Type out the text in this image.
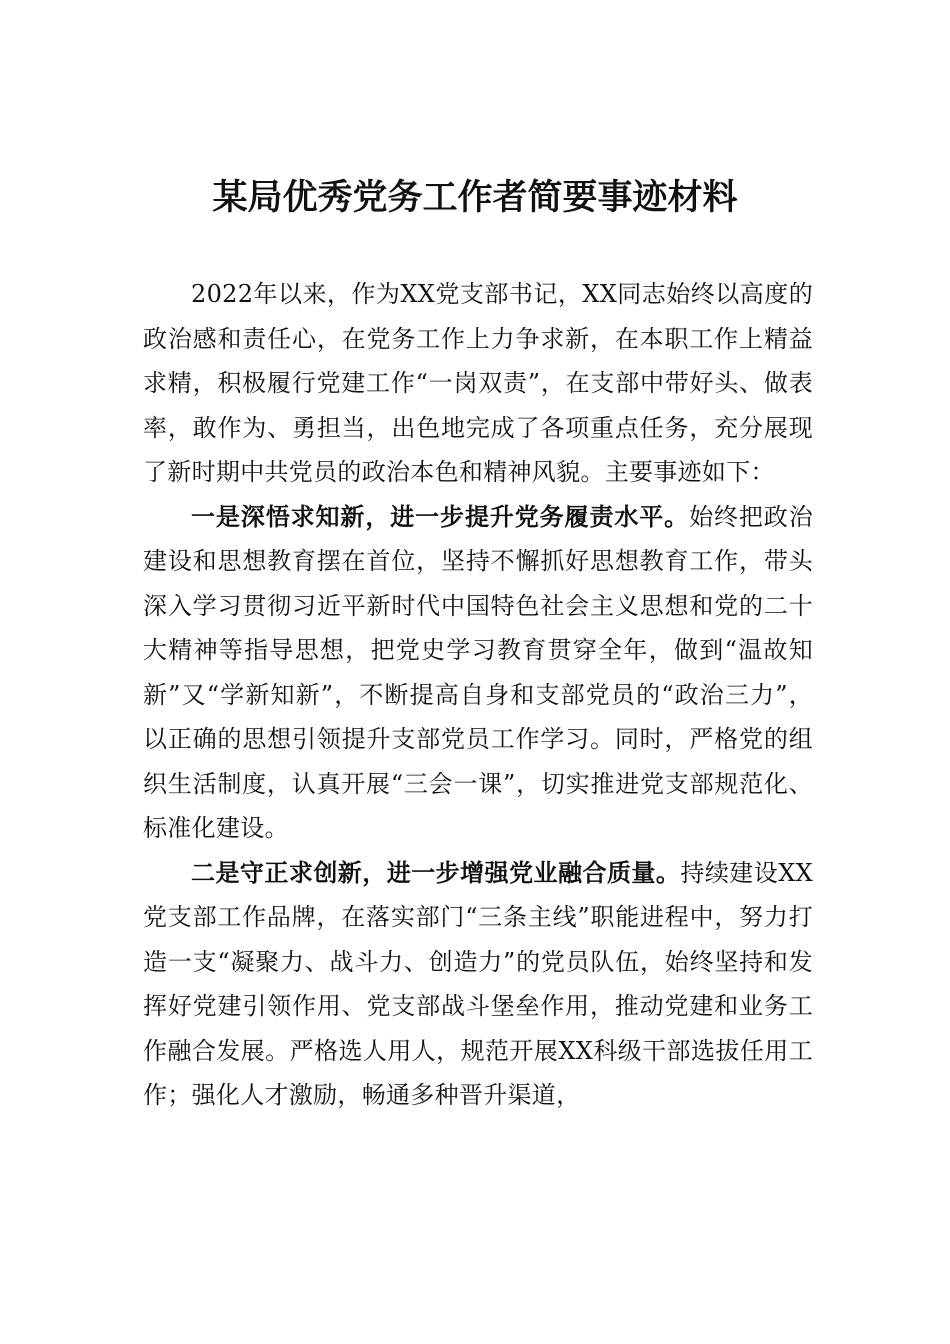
某局优秀党务工作者简要事迹材料

2022年以来，作为XX党支部书记，XX同志始终以高度的政治感和责任心，在党务工作上力争求新，在本职工作上精益求精，积极履行党建工作“一岗双责”，在支部中带好头、做表率，敢作为、勇担当，出色地完成了各项重点任务，充分展现了新时期中共党员的政治本色和精神风貌。主要事迹如下：

一是深悟求知新，进一步提升党务履责水平。始终把政治建设和思想教育摆在首位，坚持不懈抓好思想教育工作，带头深入学习贯彻习近平新时代中国特色社会主义思想和党的二十大精神等指导思想，把党史学习教育贯穿全年，做到“温故知新”又“学新知新”，不断提高自身和支部党员的“政治三力”，以正确的思想引领提升支部党员工作学习。同时，严格党的组织生活制度，认真开展“三会一课”，切实推进党支部规范化、标准化建设。

二是守正求创新，进一步增强党业融合质量。持续建设XX党支部工作品牌，在落实部门“三条主线”职能进程中，努力打造一支“凝聚力、战斗力、创造力”的党员队伍，始终坚持和发挥好党建引领作用、党支部战斗堡垒作用，推动党建和业务工作融合发展。严格选人用人，规范开展XX科级干部选拔任用工作；强化人才激励，畅通多种晋升渠道，
